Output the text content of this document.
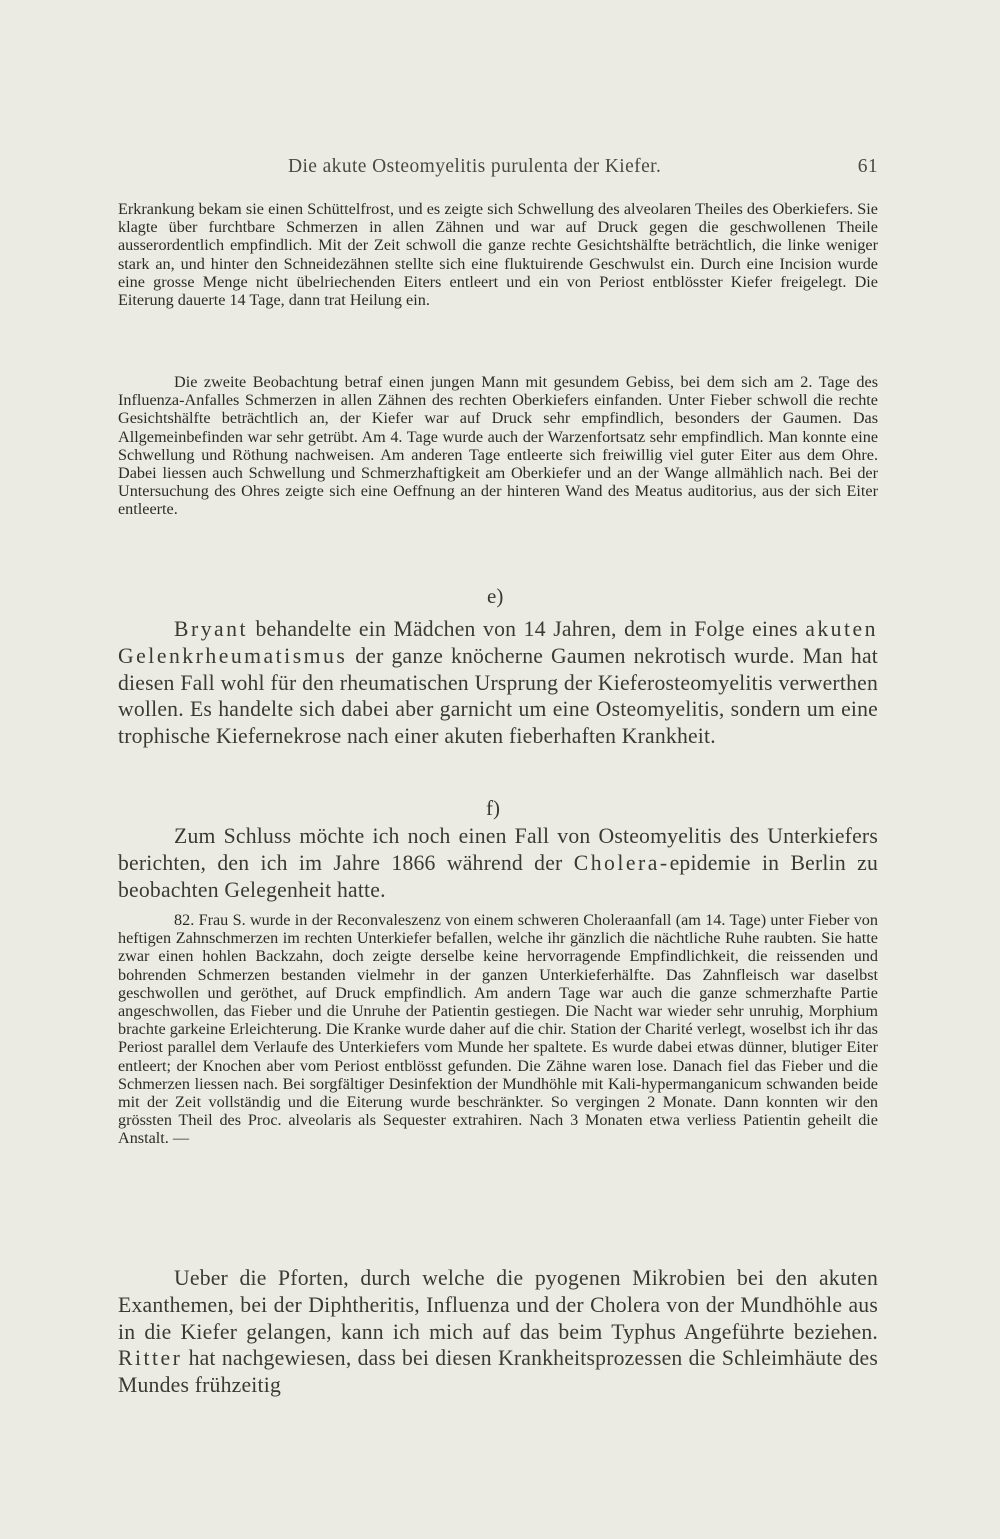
Die akute Osteomyelitis purulenta der Kiefer.	61

Erkrankung bekam sie einen Schüttelfrost, und es zeigte sich Schwellung des alveolaren Theiles des Oberkiefers. Sie klagte über furchtbare Schmerzen in allen Zähnen und war auf Druck gegen die geschwollenen Theile ausserordentlich empfindlich. Mit der Zeit schwoll die ganze rechte Gesichtshälfte beträchtlich, die linke weniger stark an, und hinter den Schneidezähnen stellte sich eine fluktuirende Geschwulst ein. Durch eine Incision wurde eine grosse Menge nicht übelriechenden Eiters entleert und ein von Periost entblösster Kiefer freigelegt. Die Eiterung dauerte 14 Tage, dann trat Heilung ein.

Die zweite Beobachtung betraf einen jungen Mann mit gesundem Gebiss, bei dem sich am 2. Tage des Influenza-Anfalles Schmerzen in allen Zähnen des rechten Oberkiefers einfanden. Unter Fieber schwoll die rechte Gesichtshälfte beträchtlich an, der Kiefer war auf Druck sehr empfindlich, besonders der Gaumen. Das Allgemeinbefinden war sehr getrübt. Am 4. Tage wurde auch der Warzenfortsatz sehr empfindlich. Man konnte eine Schwellung und Röthung nachweisen. Am anderen Tage entleerte sich freiwillig viel guter Eiter aus dem Ohre. Dabei liessen auch Schwellung und Schmerzhaftigkeit am Oberkiefer und an der Wange allmählich nach. Bei der Untersuchung des Ohres zeigte sich eine Oeffnung an der hinteren Wand des Meatus auditorius, aus der sich Eiter entleerte.

e)

Bryant behandelte ein Mädchen von 14 Jahren, dem in Folge eines akuten Gelenkrheumatismus der ganze knöcherne Gaumen nekrotisch wurde. Man hat diesen Fall wohl für den rheumatischen Ursprung der Kieferosteomyelitis verwerthen wollen. Es handelte sich dabei aber garnicht um eine Osteomyelitis, sondern um eine trophische Kiefernekrose nach einer akuten fieberhaften Krankheit.

f)

Zum Schluss möchte ich noch einen Fall von Osteomyelitis des Unterkiefers berichten, den ich im Jahre 1866 während der Cholera-epidemie in Berlin zu beobachten Gelegenheit hatte.

82. Frau S. wurde in der Reconvaleszenz von einem schweren Choleraanfall (am 14. Tage) unter Fieber von heftigen Zahnschmerzen im rechten Unterkiefer befallen, welche ihr gänzlich die nächtliche Ruhe raubten. Sie hatte zwar einen hohlen Backzahn, doch zeigte derselbe keine hervorragende Empfindlichkeit, die reissenden und bohrenden Schmerzen bestanden vielmehr in der ganzen Unterkieferhälfte. Das Zahnfleisch war daselbst geschwollen und geröthet, auf Druck empfindlich. Am andern Tage war auch die ganze schmerzhafte Partie angeschwollen, das Fieber und die Unruhe der Patientin gestiegen. Die Nacht war wieder sehr unruhig, Morphium brachte garkeine Erleichterung. Die Kranke wurde daher auf die chir. Station der Charité verlegt, woselbst ich ihr das Periost parallel dem Verlaufe des Unterkiefers vom Munde her spaltete. Es wurde dabei etwas dünner, blutiger Eiter entleert; der Knochen aber vom Periost entblösst gefunden. Die Zähne waren lose. Danach fiel das Fieber und die Schmerzen liessen nach. Bei sorgfältiger Desinfektion der Mundhöhle mit Kali-hypermanganicum schwanden beide mit der Zeit vollständig und die Eiterung wurde beschränkter. So vergingen 2 Monate. Dann konnten wir den grössten Theil des Proc. alveolaris als Sequester extrahiren. Nach 3 Monaten etwa verliess Patientin geheilt die Anstalt. —

Ueber die Pforten, durch welche die pyogenen Mikrobien bei den akuten Exanthemen, bei der Diphtheritis, Influenza und der Cholera von der Mundhöhle aus in die Kiefer gelangen, kann ich mich auf das beim Typhus Angeführte beziehen. Ritter hat nachgewiesen, dass bei diesen Krankheitsprozessen die Schleimhäute des Mundes frühzeitig
